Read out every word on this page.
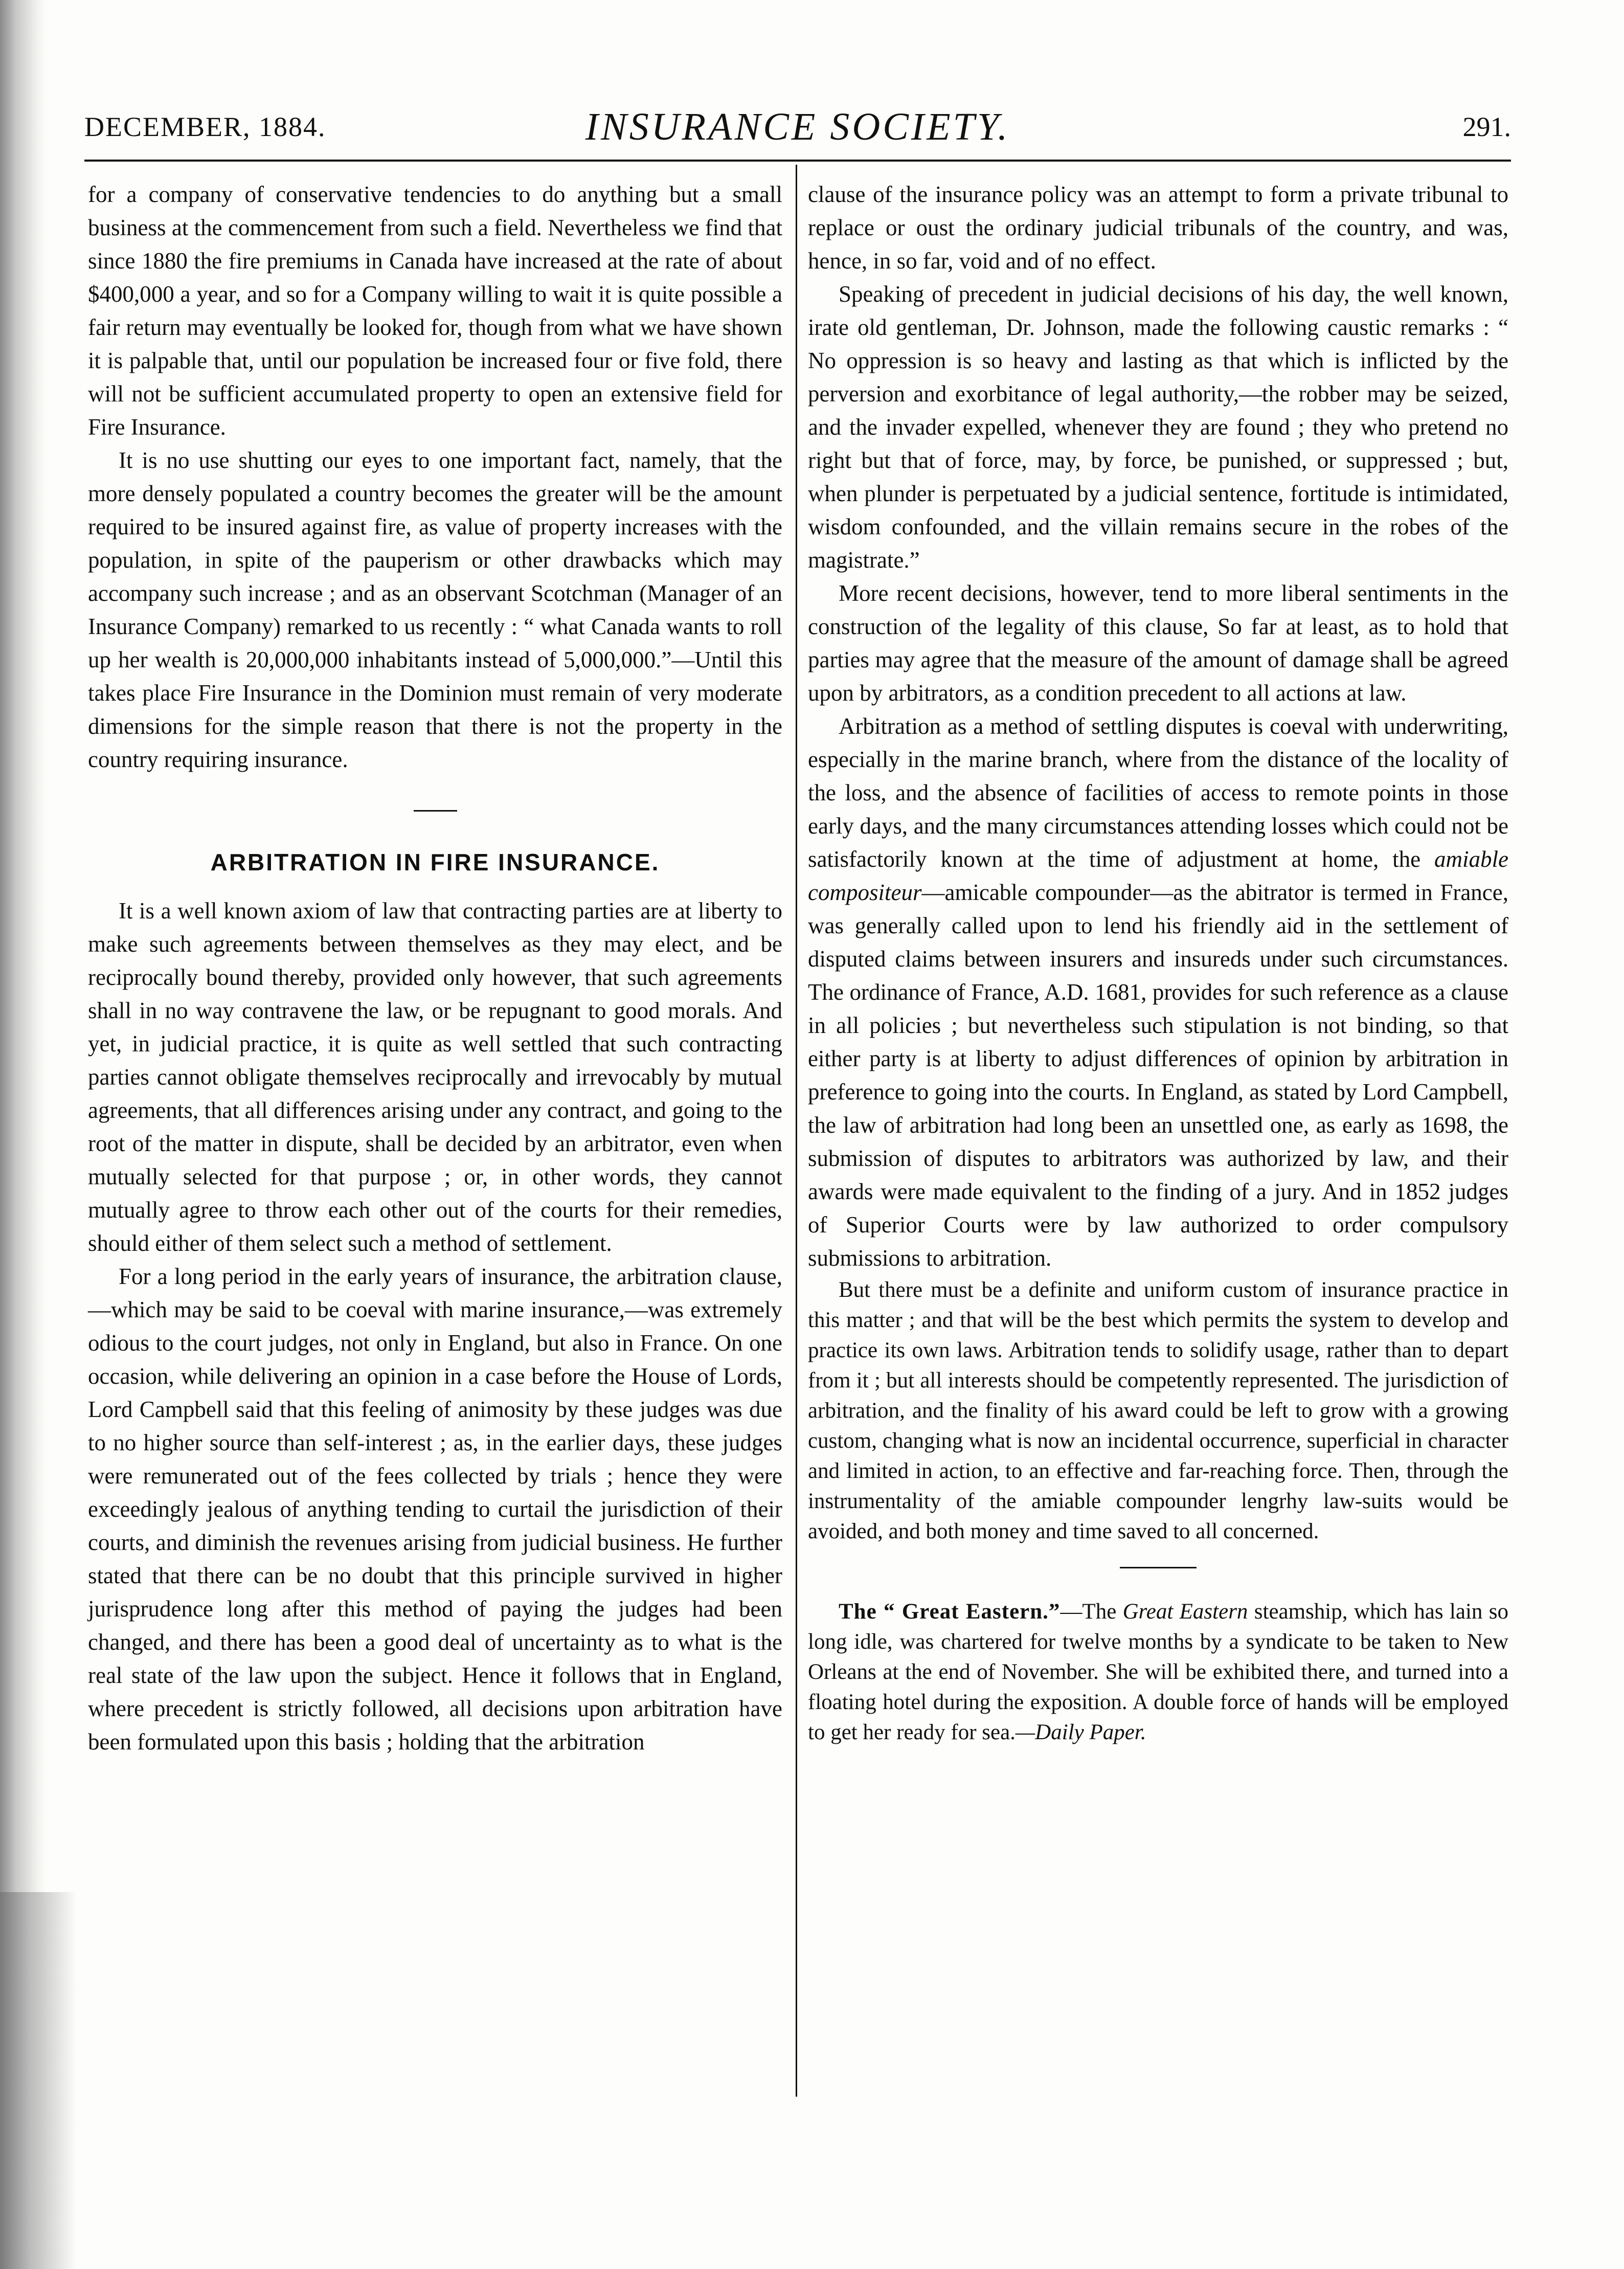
DECEMBER, 1884.	INSURANCE SOCIETY.	291.

for a company of conservative tendencies to do anything but a small business at the commencement from such a field. Nevertheless we find that since 1880 the fire premiums in Canada have increased at the rate of about $400,000 a year, and so for a Company willing to wait it is quite possible a fair return may eventually be looked for, though from what we have shown it is palpable that, until our population be increased four or five fold, there will not be sufficient accumulated property to open an extensive field for Fire Insurance.

It is no use shutting our eyes to one important fact, namely, that the more densely populated a country becomes the greater will be the amount required to be insured against fire, as value of property increases with the population, in spite of the pauperism or other drawbacks which may accompany such increase ; and as an observant Scotchman (Manager of an Insurance Company) remarked to us recently : “ what Canada wants to roll up her wealth is 20,000,000 inhabitants instead of 5,000,000.”—Until this takes place Fire Insurance in the Dominion must remain of very moderate dimensions for the simple reason that there is not the property in the country requiring insurance.

ARBITRATION IN FIRE INSURANCE.

It is a well known axiom of law that contracting parties are at liberty to make such agreements between themselves as they may elect, and be reciprocally bound thereby, provided only however, that such agreements shall in no way contravene the law, or be repugnant to good morals. And yet, in judicial practice, it is quite as well settled that such contracting parties cannot obligate themselves reciprocally and irrevocably by mutual agreements, that all differences arising under any contract, and going to the root of the matter in dispute, shall be decided by an arbitrator, even when mutually selected for that purpose ; or, in other words, they cannot mutually agree to throw each other out of the courts for their remedies, should either of them select such a method of settlement.

For a long period in the early years of insurance, the arbitration clause,—which may be said to be coeval with marine insurance,—was extremely odious to the court judges, not only in England, but also in France. On one occasion, while delivering an opinion in a case before the House of Lords, Lord Campbell said that this feeling of animosity by these judges was due to no higher source than self-interest ; as, in the earlier days, these judges were remunerated out of the fees collected by trials ; hence they were exceedingly jealous of anything tending to curtail the jurisdiction of their courts, and diminish the revenues arising from judicial business. He further stated that there can be no doubt that this principle survived in higher jurisprudence long after this method of paying the judges had been changed, and there has been a good deal of uncertainty as to what is the real state of the law upon the subject. Hence it follows that in England, where precedent is strictly followed, all decisions upon arbitration have been formulated upon this basis ; holding that the arbitration

clause of the insurance policy was an attempt to form a private tribunal to replace or oust the ordinary judicial tribunals of the country, and was, hence, in so far, void and of no effect.

Speaking of precedent in judicial decisions of his day, the well known, irate old gentleman, Dr. Johnson, made the following caustic remarks : “ No oppression is so heavy and lasting as that which is inflicted by the perversion and exorbitance of legal authority,—the robber may be seized, and the invader expelled, whenever they are found ; they who pretend no right but that of force, may, by force, be punished, or suppressed ; but, when plunder is perpetuated by a judicial sentence, fortitude is intimidated, wisdom confounded, and the villain remains secure in the robes of the magistrate.”

More recent decisions, however, tend to more liberal sentiments in the construction of the legality of this clause, So far at least, as to hold that parties may agree that the measure of the amount of damage shall be agreed upon by arbitrators, as a condition precedent to all actions at law.

Arbitration as a method of settling disputes is coeval with underwriting, especially in the marine branch, where from the distance of the locality of the loss, and the absence of facilities of access to remote points in those early days, and the many circumstances attending losses which could not be satisfactorily known at the time of adjustment at home, the amiable compositeur—amicable compounder—as the abitrator is termed in France, was generally called upon to lend his friendly aid in the settlement of disputed claims between insurers and insureds under such circumstances. The ordinance of France, A.D. 1681, provides for such reference as a clause in all policies ; but nevertheless such stipulation is not binding, so that either party is at liberty to adjust differences of opinion by arbitration in preference to going into the courts. In England, as stated by Lord Campbell, the law of arbitration had long been an unsettled one, as early as 1698, the submission of disputes to arbitrators was authorized by law, and their awards were made equivalent to the finding of a jury. And in 1852 judges of Superior Courts were by law authorized to order compulsory submissions to arbitration.

But there must be a definite and uniform custom of insurance practice in this matter ; and that will be the best which permits the system to develop and practice its own laws. Arbitration tends to solidify usage, rather than to depart from it ; but all interests should be competently represented. The jurisdiction of arbitration, and the finality of his award could be left to grow with a growing custom, changing what is now an incidental occurrence, superficial in character and limited in action, to an effective and far-reaching force. Then, through the instrumentality of the amiable compounder lengrhy law-suits would be avoided, and both money and time saved to all concerned.

The “ Great Eastern.”—The Great Eastern steamship, which has lain so long idle, was chartered for twelve months by a syndicate to be taken to New Orleans at the end of November. She will be exhibited there, and turned into a floating hotel during the exposition. A double force of hands will be employed to get her ready for sea.—Daily Paper.
